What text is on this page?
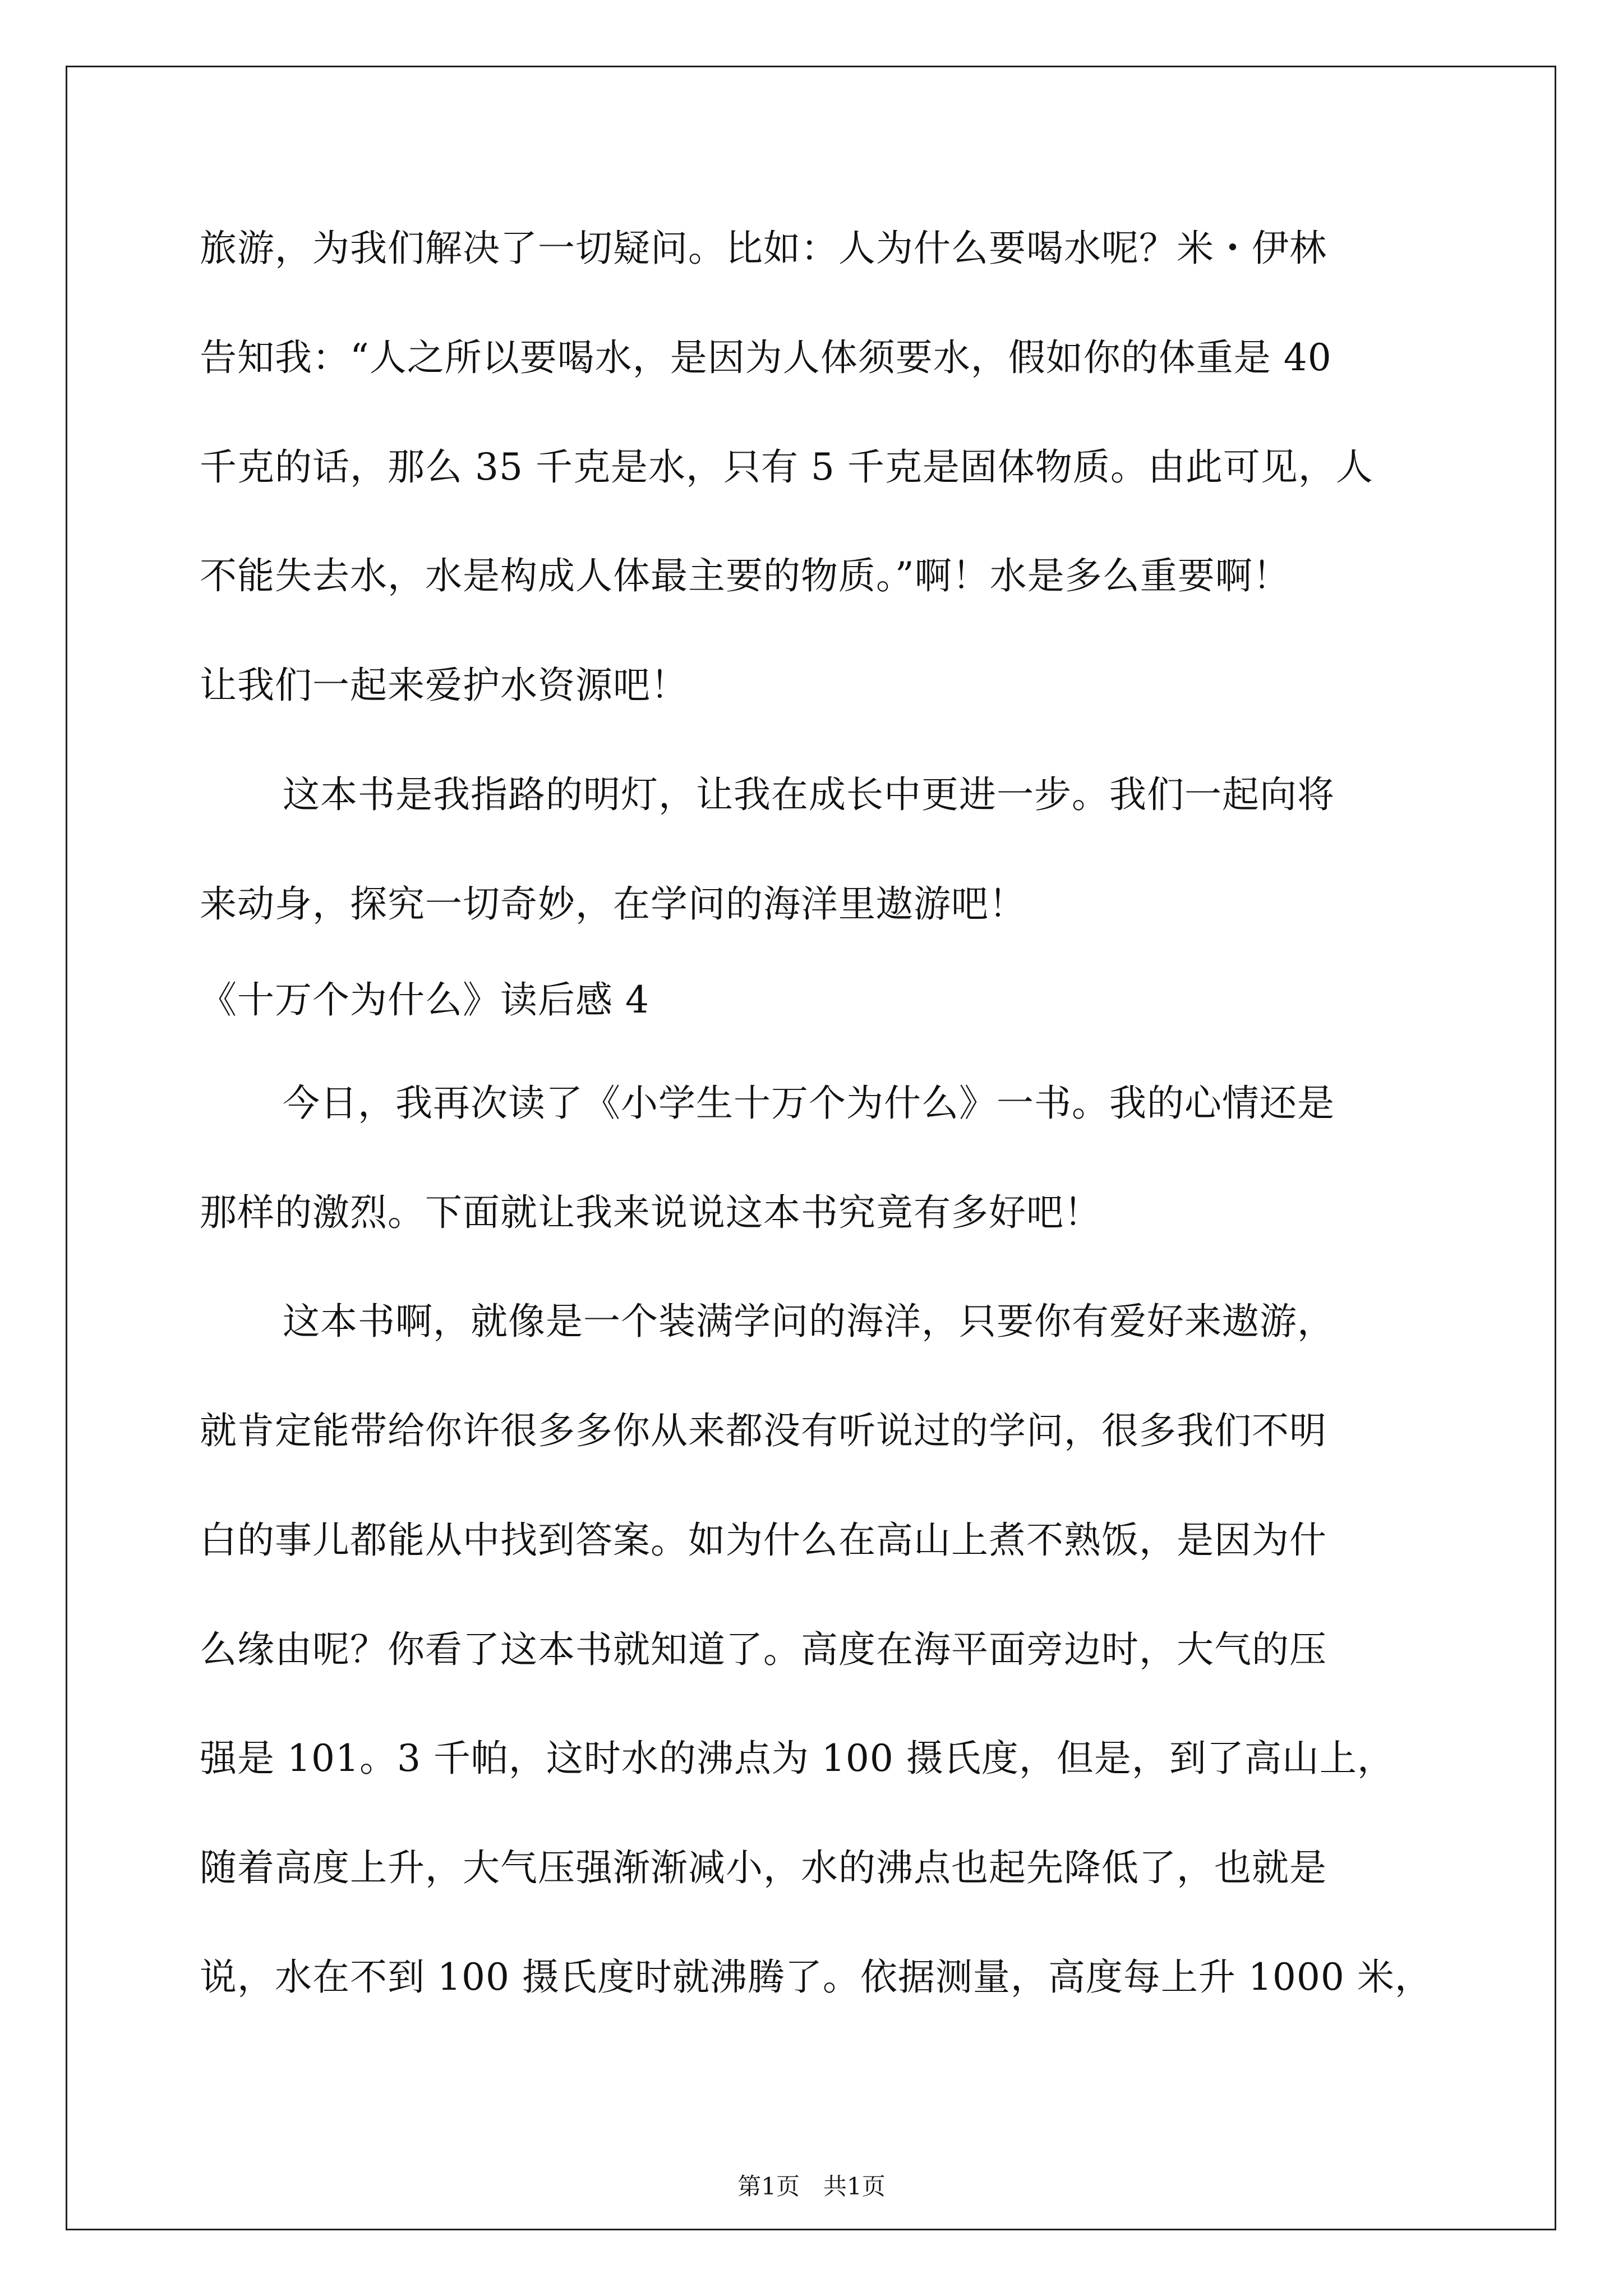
旅游，为我们解决了一切疑问。比如：人为什么要喝水呢？米・伊林
告知我：“人之所以要喝水，是因为人体须要水，假如你的体重是 40
千克的话，那么 35 千克是水，只有 5 千克是固体物质。由此可见，人
不能失去水，水是构成人体最主要的物质。”啊！水是多么重要啊！
让我们一起来爱护水资源吧！
这本书是我指路的明灯，让我在成长中更进一步。我们一起向将
来动身，探究一切奇妙，在学问的海洋里遨游吧！
《十万个为什么》读后感 4
今日，我再次读了《小学生十万个为什么》一书。我的心情还是
那样的激烈。下面就让我来说说这本书究竟有多好吧！
这本书啊，就像是一个装满学问的海洋，只要你有爱好来遨游，
就肯定能带给你许很多多你从来都没有听说过的学问，很多我们不明
白的事儿都能从中找到答案。如为什么在高山上煮不熟饭，是因为什
么缘由呢？你看了这本书就知道了。高度在海平面旁边时，大气的压
强是 101。3 千帕，这时水的沸点为 100 摄氏度，但是，到了高山上，
随着高度上升，大气压强渐渐减小，水的沸点也起先降低了，也就是
说，水在不到 100 摄氏度时就沸腾了。依据测量，高度每上升 1000 米，
第1页　共1页
